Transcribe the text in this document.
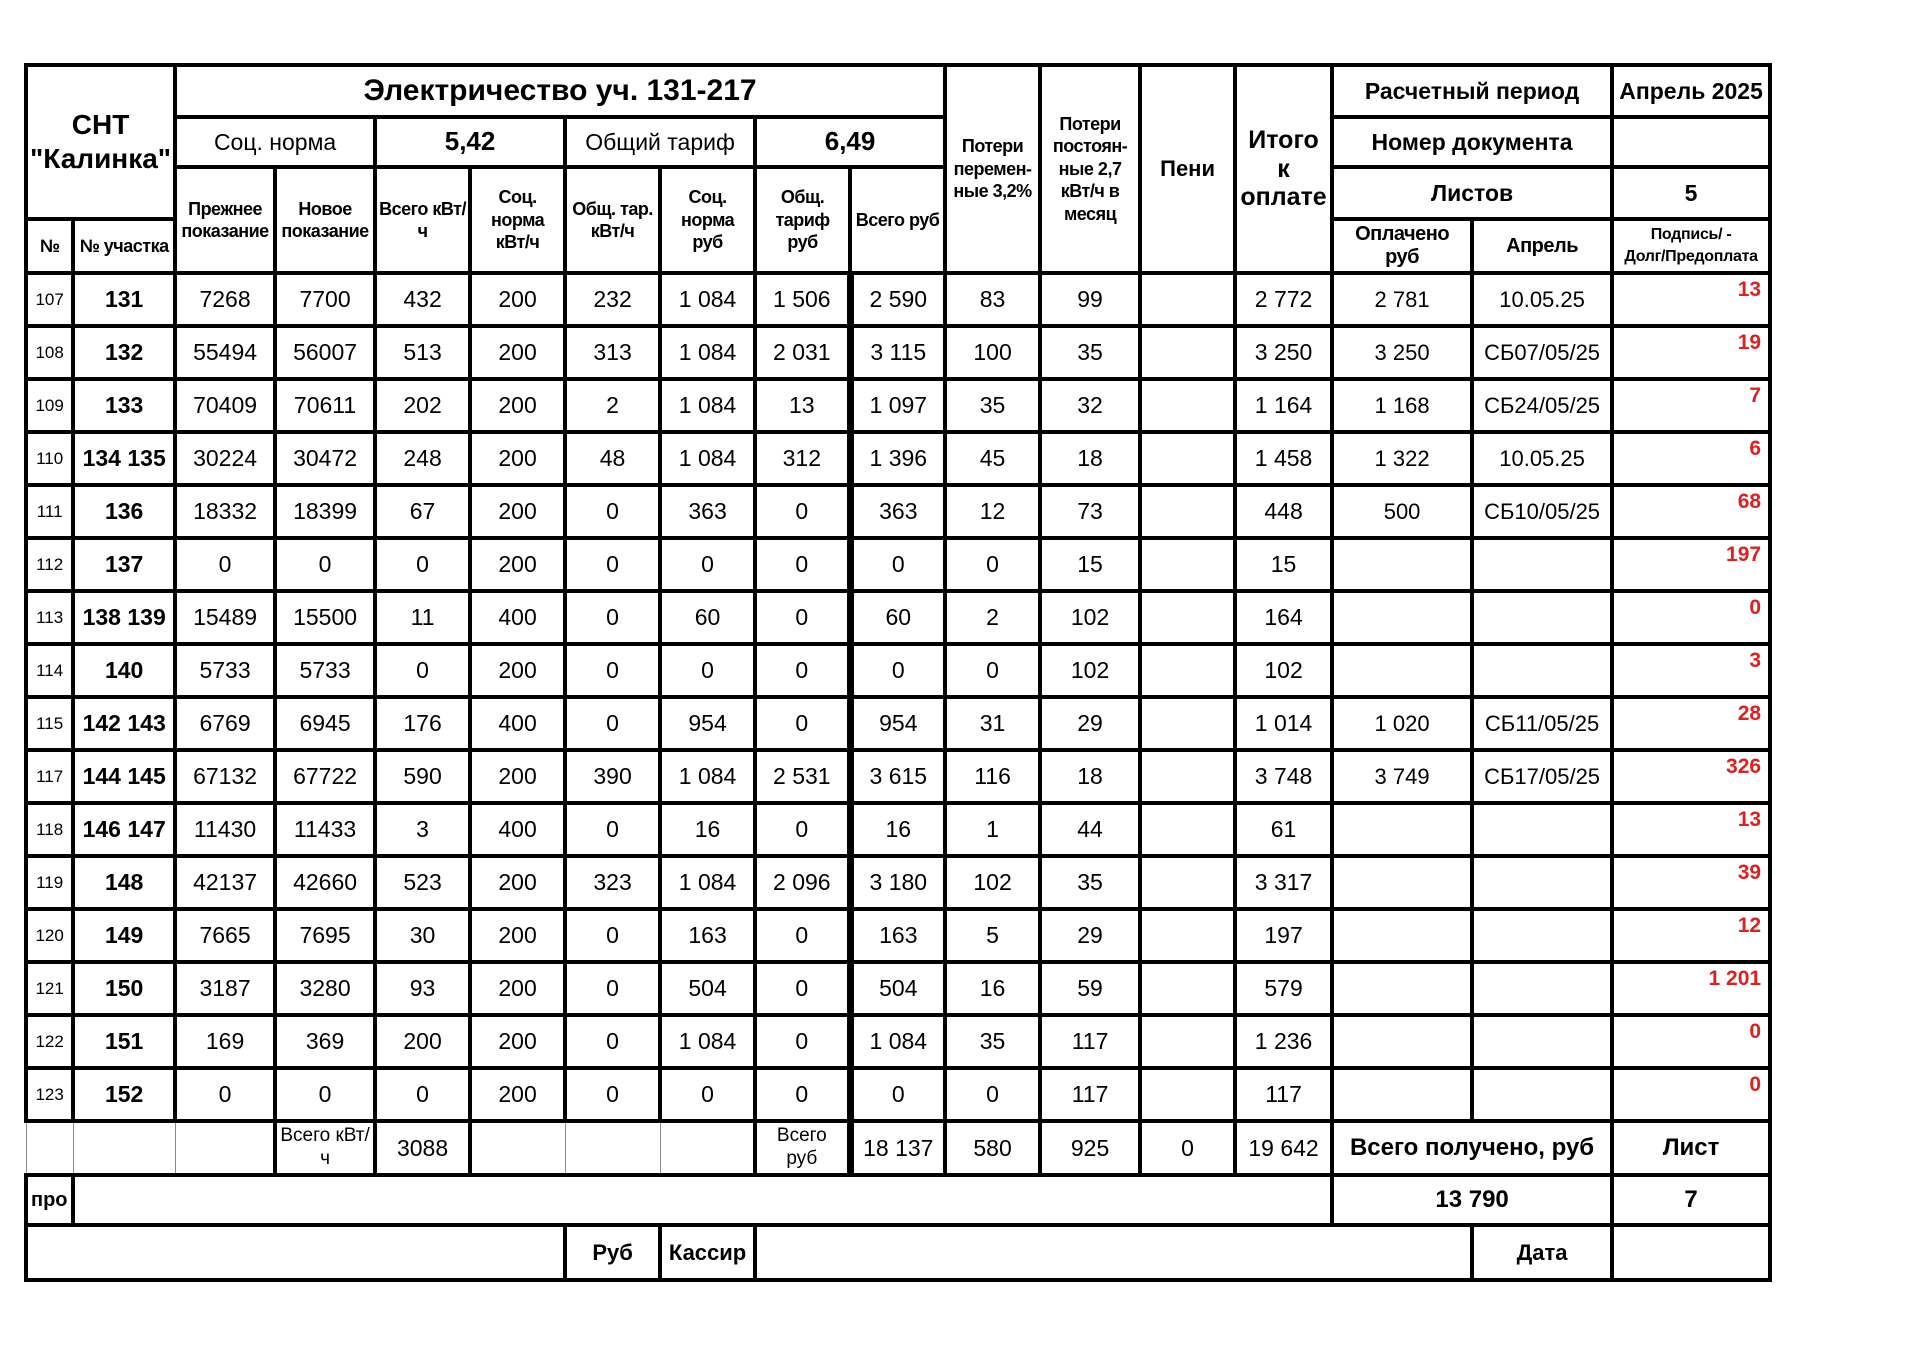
СНТ
"Калинка"		Электричество уч. 131-217								Потери перемен-ные 3,2%	Потери постоян-ные 2,7 кВт/ч в месяц	Пени	Итого к оплате	Расчетный период		Апрель 2025
		Соц. норма		5,42		Общий тариф		6,49						Номер документа		
		Прежнее показание	Новое показание	Всего кВт/ч	Соц. норма кВт/ч	Общ. тар. кВт/ч	Соц. норма руб	Общ. тариф руб	Всего руб					Листов		5
№	№ участка													Оплачено руб	Апрель	Подпись/ -
Долг/Предоплата

107	131	7268	7700	432	200	232	1 084	1 506	2 590	83	99		2 772	2 781	10.05.25	13
108	132	55494	56007	513	200	313	1 084	2 031	3 115	100	35		3 250	3 250	СБ07/05/25	19
109	133	70409	70611	202	200	2	1 084	13	1 097	35	32		1 164	1 168	СБ24/05/25	7
110	134 135	30224	30472	248	200	48	1 084	312	1 396	45	18		1 458	1 322	10.05.25	6
111	136	18332	18399	67	200	0	363	0	363	12	73		448	500	СБ10/05/25	68
112	137	0	0	0	200	0	0	0	0	0	15		15			197
113	138 139	15489	15500	11	400	0	60	0	60	2	102		164			0
114	140	5733	5733	0	200	0	0	0	0	0	102		102			3
115	142 143	6769	6945	176	400	0	954	0	954	31	29		1 014	1 020	СБ11/05/25	28
117	144 145	67132	67722	590	200	390	1 084	2 531	3 615	116	18		3 748	3 749	СБ17/05/25	326
118	146 147	11430	11433	3	400	0	16	0	16	1	44		61			13
119	148	42137	42660	523	200	323	1 084	2 096	3 180	102	35		3 317			39
120	149	7665	7695	30	200	0	163	0	163	5	29		197			12
121	150	3187	3280	93	200	0	504	0	504	16	59		579			1 201
122	151	169	369	200	200	0	1 084	0	1 084	35	117		1 236			0
123	152	0	0	0	200	0	0	0	0	0	117		117			0
			Всего кВт/ч	3088				Всего руб	18 137	580	925	0	19 642	Всего получено, руб		Лист
про														13 790		7
						Руб	Кассир								Дата	
